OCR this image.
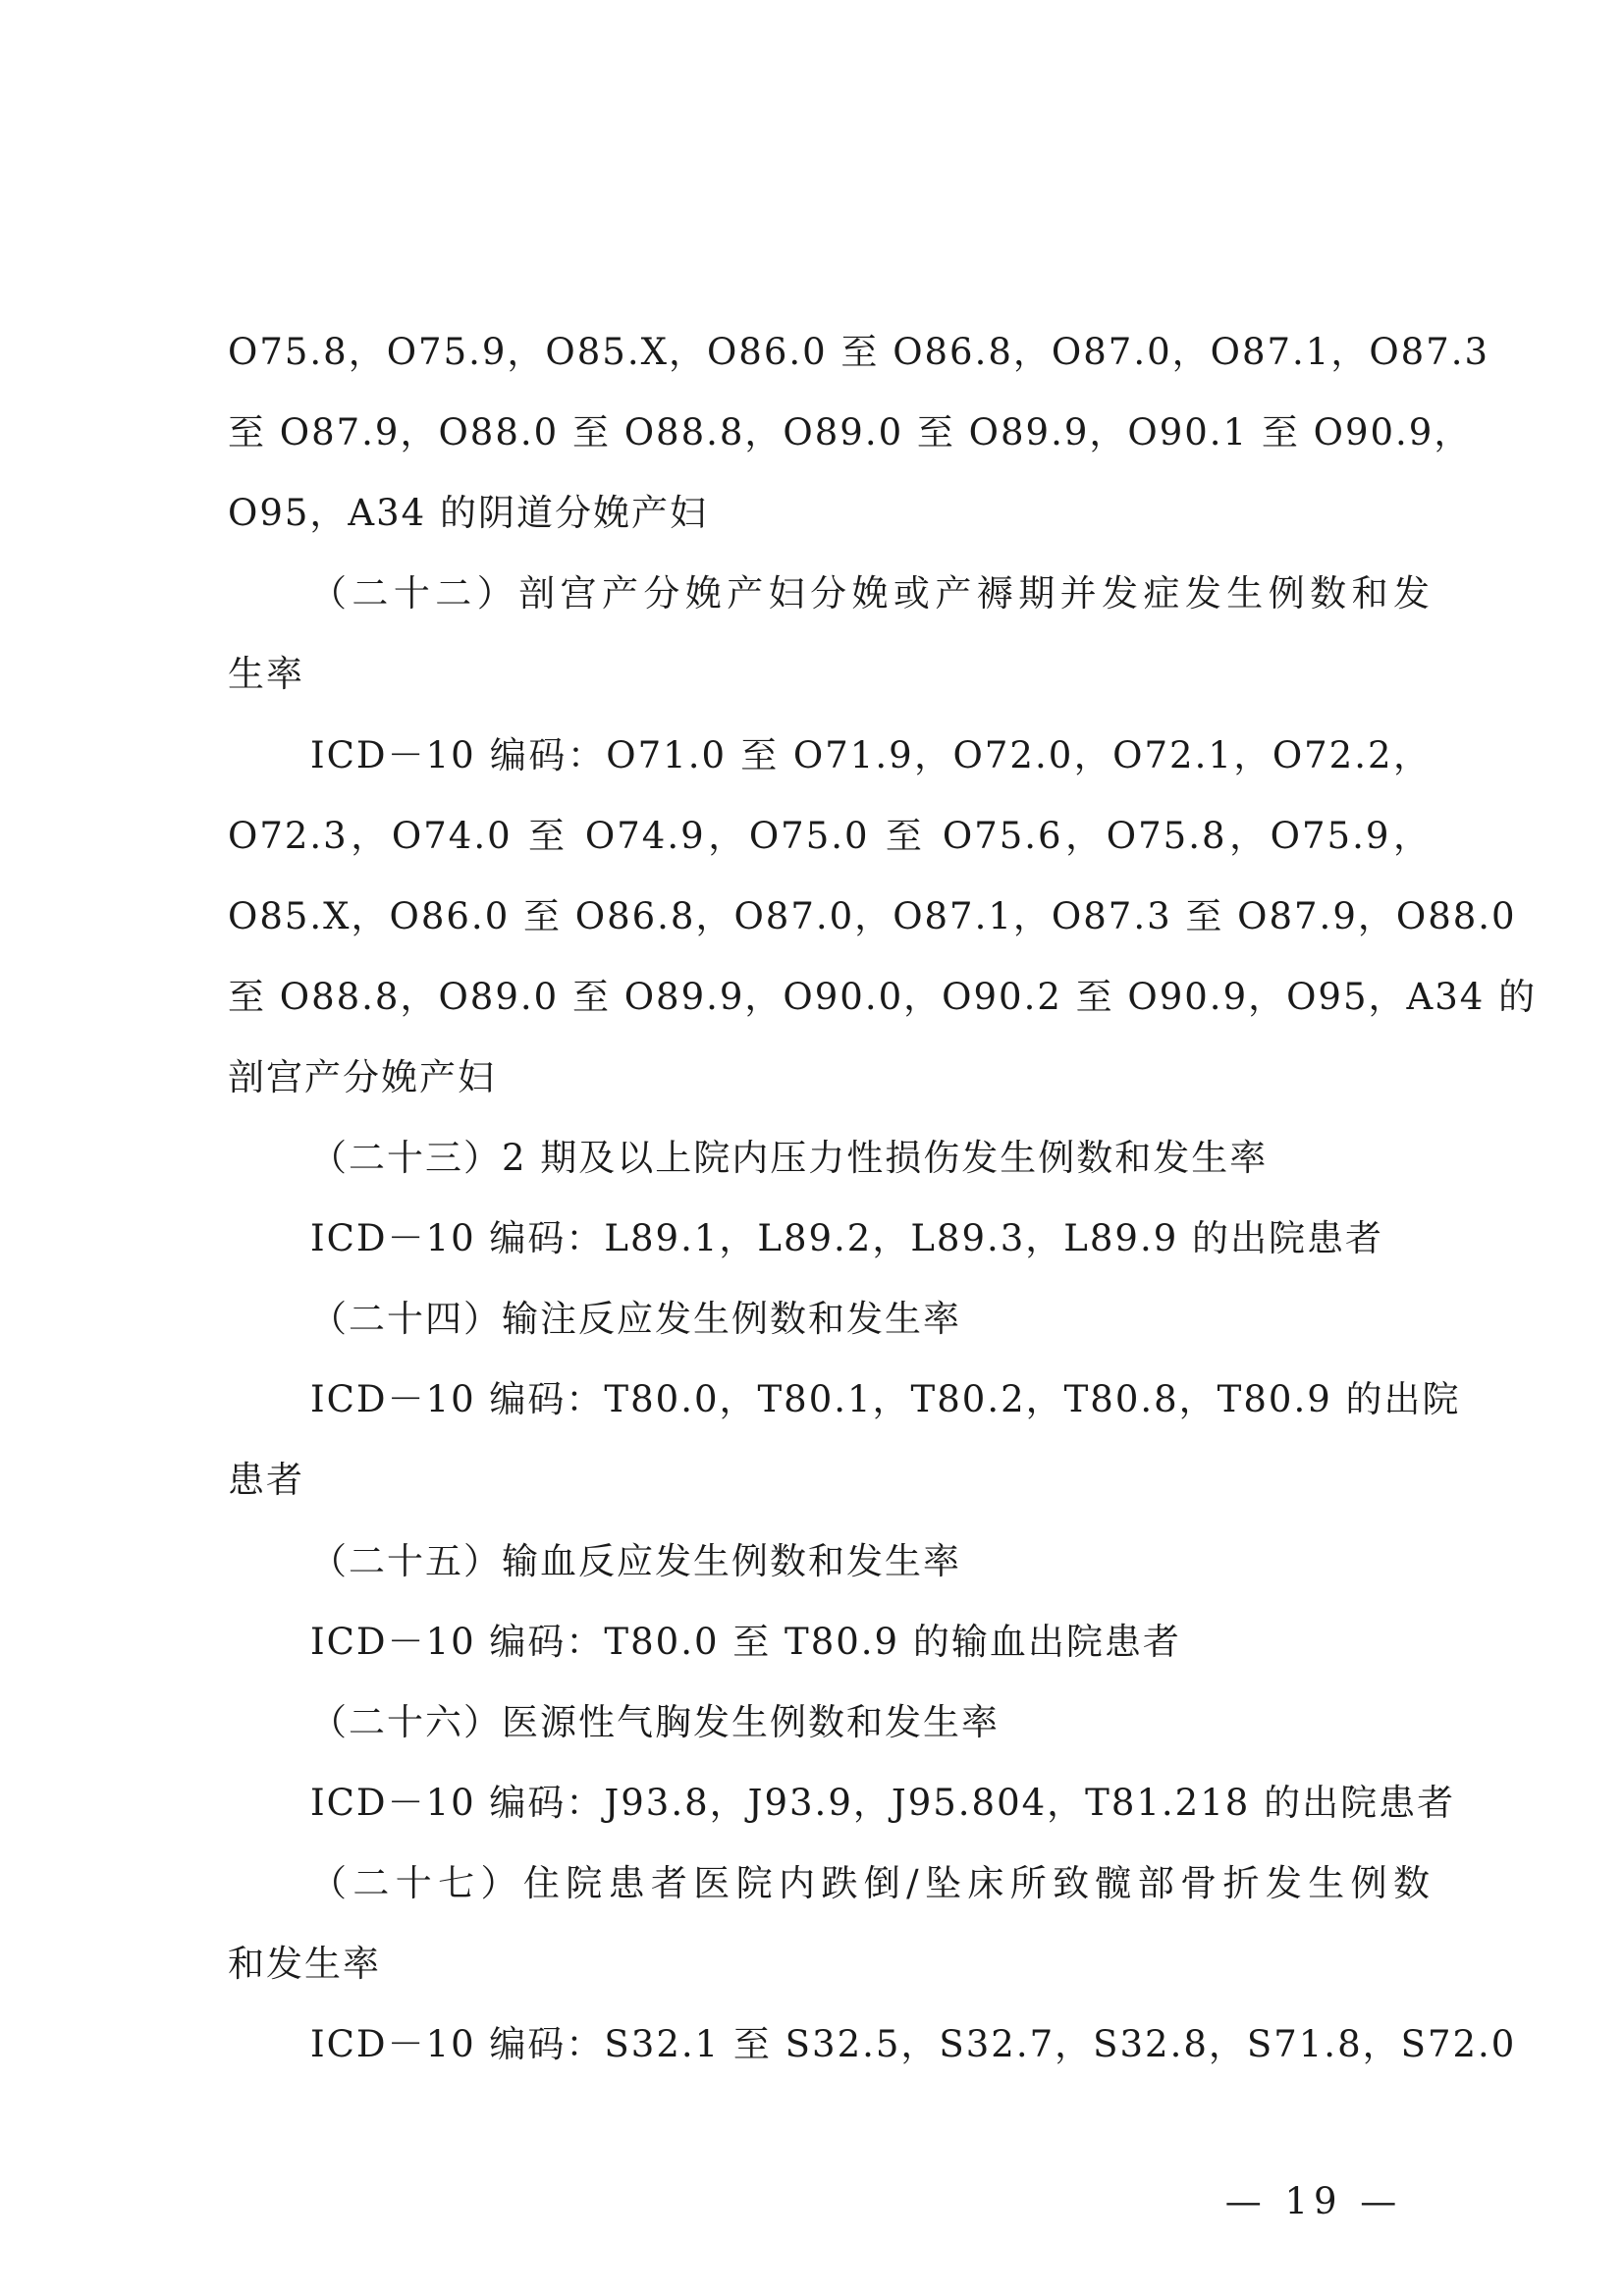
O75.8，O75.9，O85.X，O86.0 至 O86.8，O87.0，O87.1，O87.3
至 O87.9，O88.0 至 O88.8，O89.0 至 O89.9，O90.1 至 O90.9，
O95，A34 的阴道分娩产妇
（二十二）剖宫产分娩产妇分娩或产褥期并发症发生例数和发
生率
ICD－10 编码：O71.0 至 O71.9，O72.0，O72.1，O72.2，
O72.3，O74.0 至 O74.9，O75.0 至 O75.6，O75.8，O75.9，
O85.X，O86.0 至 O86.8，O87.0，O87.1，O87.3 至 O87.9，O88.0
至 O88.8，O89.0 至 O89.9，O90.0，O90.2 至 O90.9，O95，A34 的
剖宫产分娩产妇
（二十三）2 期及以上院内压力性损伤发生例数和发生率
ICD－10 编码：L89.1，L89.2，L89.3，L89.9 的出院患者
（二十四）输注反应发生例数和发生率
ICD－10 编码：T80.0，T80.1，T80.2，T80.8，T80.9 的出院
患者
（二十五）输血反应发生例数和发生率
ICD－10 编码：T80.0 至 T80.9 的输血出院患者
（二十六）医源性气胸发生例数和发生率
ICD－10 编码：J93.8，J93.9，J95.804，T81.218 的出院患者
（二十七）住院患者医院内跌倒/坠床所致髋部骨折发生例数
和发生率
ICD－10 编码：S32.1 至 S32.5，S32.7，S32.8，S71.8，S72.0
— 19 —
